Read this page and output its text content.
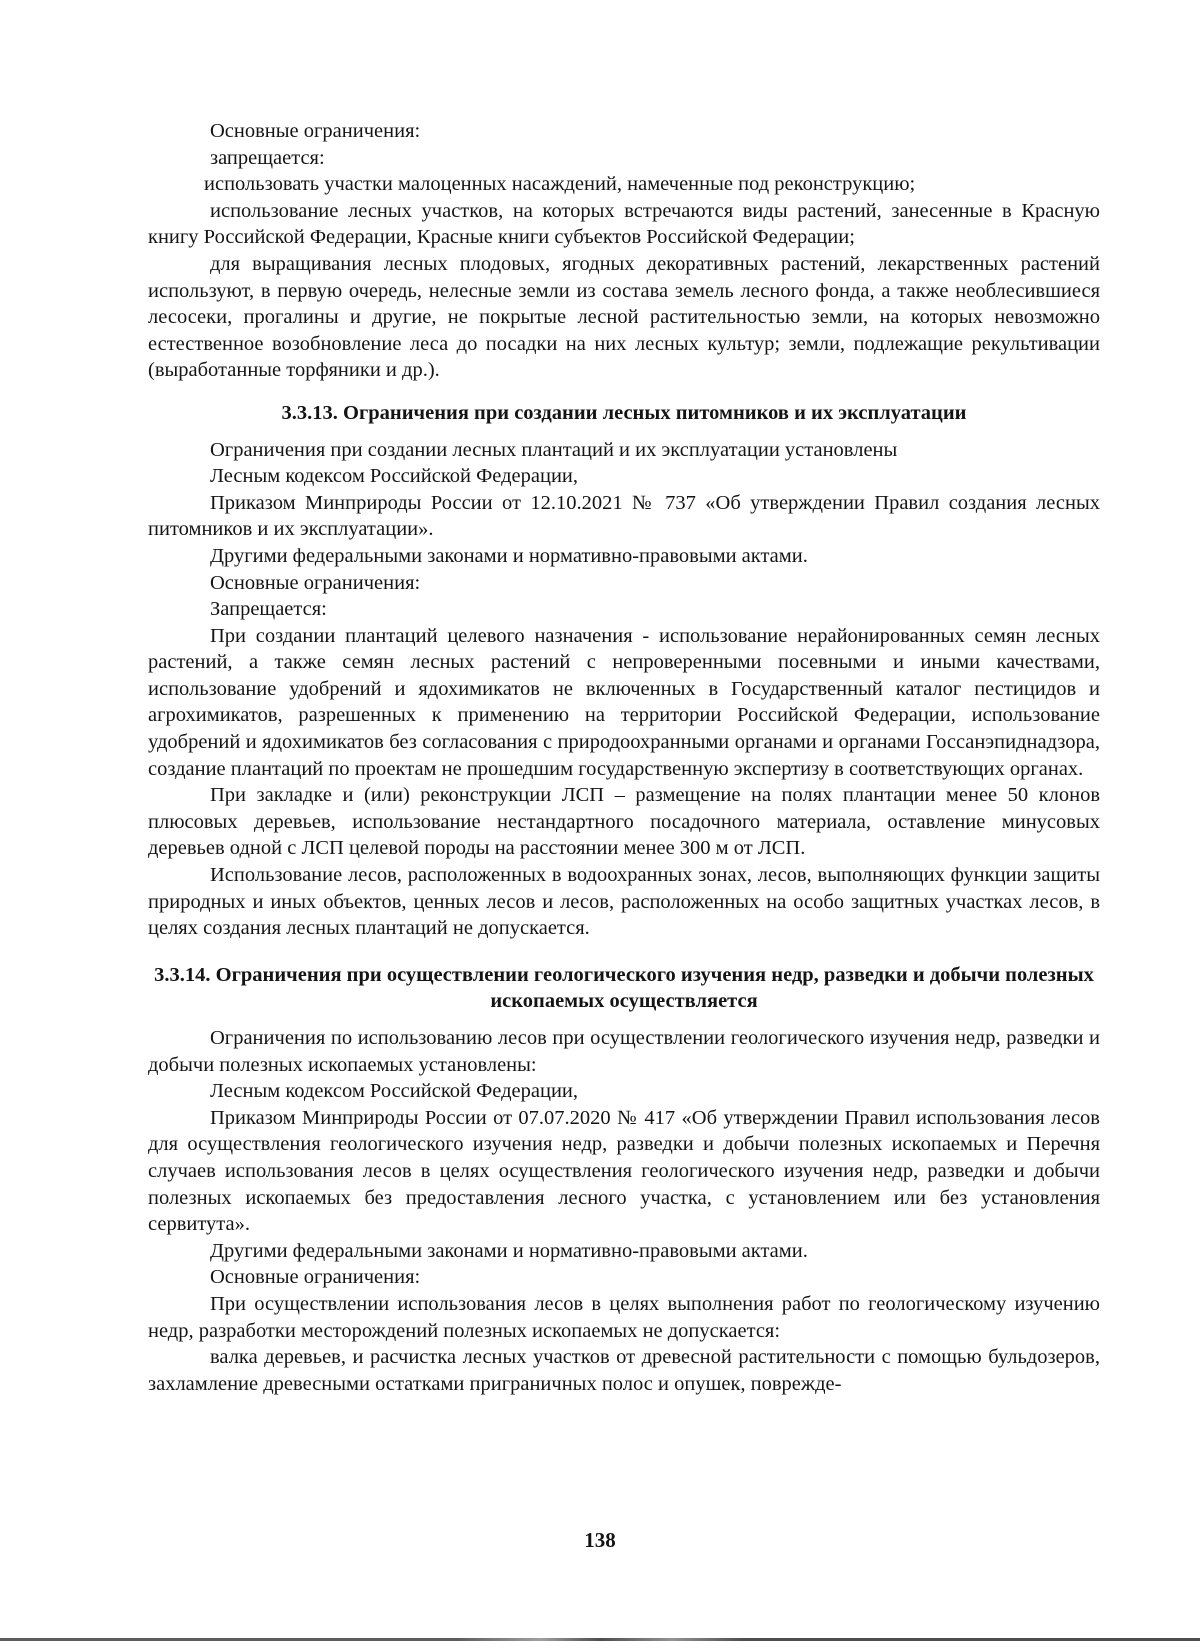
Основные ограничения:

запрещается:

использовать участки малоценных насаждений, намеченные под реконструкцию;

использование лесных участков, на которых встречаются виды растений, занесенные в Красную книгу Российской Федерации, Красные книги субъектов Российской Федерации;

для выращивания лесных плодовых, ягодных декоративных растений, лекарственных растений используют, в первую очередь, нелесные земли из состава земель лесного фонда, а также необлесившиеся лесосеки, прогалины и другие, не покрытые лесной растительностью земли, на которых невозможно естественное возобновление леса до посадки на них лесных культур; земли, подлежащие рекультивации (выработанные торфяники и др.).

3.3.13. Ограничения при создании лесных питомников и их эксплуатации

Ограничения при создании лесных плантаций и их эксплуатации установлены

Лесным кодексом Российской Федерации,

Приказом Минприроды России от 12.10.2021 № 737 «Об утверждении Правил создания лесных питомников и их эксплуатации».

Другими федеральными законами и нормативно-правовыми актами.

Основные ограничения:

Запрещается:

При создании плантаций целевого назначения - использование нерайонированных семян лесных растений, а также семян лесных растений с непроверенными посевными и иными качествами, использование удобрений и ядохимикатов не включенных в Государственный каталог пестицидов и агрохимикатов, разрешенных к применению на территории Российской Федерации, использование удобрений и ядохимикатов без согласования с природоохранными органами и органами Госсанэпиднадзора, создание плантаций по проектам не прошедшим государственную экспертизу в соответствующих органах.

При закладке и (или) реконструкции ЛСП – размещение на полях плантации менее 50 клонов плюсовых деревьев, использование нестандартного посадочного материала, оставление минусовых деревьев одной с ЛСП целевой породы на расстоянии менее 300 м от ЛСП.

Использование лесов, расположенных в водоохранных зонах, лесов, выполняющих функции защиты природных и иных объектов, ценных лесов и лесов, расположенных на особо защитных участках лесов, в целях создания лесных плантаций не допускается.

3.3.14. Ограничения при осуществлении геологического изучения недр, разведки и добычи полезных ископаемых осуществляется

Ограничения по использованию лесов при осуществлении геологического изучения недр, разведки и добычи полезных ископаемых установлены:

Лесным кодексом Российской Федерации,

Приказом Минприроды России от 07.07.2020 № 417 «Об утверждении Правил использования лесов для осуществления геологического изучения недр, разведки и добычи полезных ископаемых и Перечня случаев использования лесов в целях осуществления геологического изучения недр, разведки и добычи полезных ископаемых без предоставления лесного участка, с установлением или без установления сервитута».

Другими федеральными законами и нормативно-правовыми актами.

Основные ограничения:

При осуществлении использования лесов в целях выполнения работ по геологическому изучению недр, разработки месторождений полезных ископаемых не допускается:

валка деревьев, и расчистка лесных участков от древесной растительности с помощью бульдозеров, захламление древесными остатками приграничных полос и опушек, поврежде-

138
